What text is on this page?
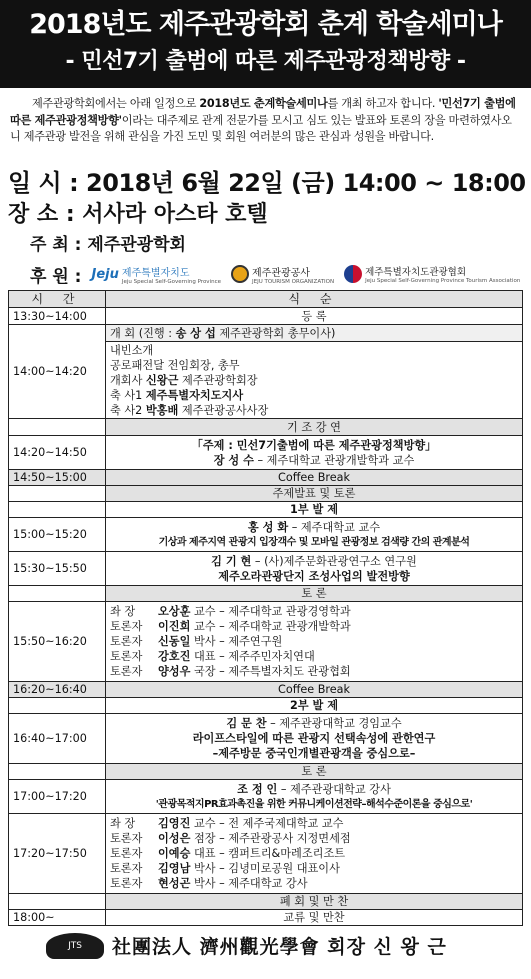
2018년도 제주관광학회 춘계 학술세미나
- 민선7기 출범에 따른 제주관광정책방향 -
제주관광학회에서는 아래 일정으로 2018년도 춘계학술세미나를 개최 하고자 합니다. '민선7기 출범에 따른 제주관광정책방향'이라는 대주제로 관계 전문가를 모시고 심도 있는 발표와 토론의 장을 마련하였사오니 제주관광 발전을 위해 관심을 가진 도민 및 회원 여러분의 많은 관심과 성원을 바랍니다.
일 시 : 2018년 6월 22일 (금) 14:00 ~ 18:00
장 소 : 서사라 아스타 호텔
주 최 : 제주관광학회
후 원 : Jeju 제주특별자치도
Jeju Special Self-Governing Province
제주관광공사
JEJU TOURISM ORGANIZATION
제주특별자치도관광협회
Jeju Special Self-Governing Province Tourism Association
시 간	식 순
13:30~14:00	등 록
14:00~14:20	개 회 (진행 : 송 상 섭 제주관광학회 총무이사)

	내빈소개
공로패전달 전임회장, 총무
개회사 신왕근 제주관광학회장
축 사1 제주특별자치도지사
축 사2 박홍배 제주관광공사사장

	기 조 강 연
14:20~14:50	「주제 : 민선7기출범에 따른 제주관광정책방향」
장 성 수 – 제주대학교 관광개발학과 교수

14:50~15:00	Coffee Break
	주제발표 및 토론
	1부 발 제
15:00~15:20	홍 성 화 – 제주대학교 교수
기상과 제주지역 관광지 입장객수 및 모바일 관광정보 검색량 간의 관계분석

15:30~15:50	김 기 현 – (사)제주문화관광연구소 연구원
제주오라관광단지 조성사업의 발전방향

	토 론
15:50~16:20	좌 장 오상훈 교수 – 제주대학교 관광경영학과
토론자 이진희 교수 – 제주대학교 관광개발학과
토론자 신동일 박사 – 제주연구원
토론자 강호진 대표 – 제주주민자치연대
토론자 양성우 국장 – 제주특별자치도 관광협회

16:20~16:40	Coffee Break
	2부 발 제
16:40~17:00	김 문 찬 – 제주관광대학교 경임교수
라이프스타일에 따른 관광지 선택속성에 관한연구
–제주방문 중국인개별관광객을 중심으로–

	토 론
17:00~17:20	조 정 인 – 제주관광대학교 강사
'관광목적지PR효과촉진을 위한 커뮤니케이션전략–해석수준이론을 중심으로'

17:20~17:50	좌 장 김영진 교수 – 전 제주국제대학교 교수
토론자 이성은 점장 – 제주관광공사 지정면세점
토론자 이예승 대표 – 캠퍼트리&마레조리조트
토론자 김영남 박사 – 김녕미로공원 대표이사
토론자 현성곤 박사 – 제주대학교 강사

	폐 회 및 만 찬
18:00~	교류 및 만찬
JTS	社團法人 濟州觀光學會 회장 신 왕 근
